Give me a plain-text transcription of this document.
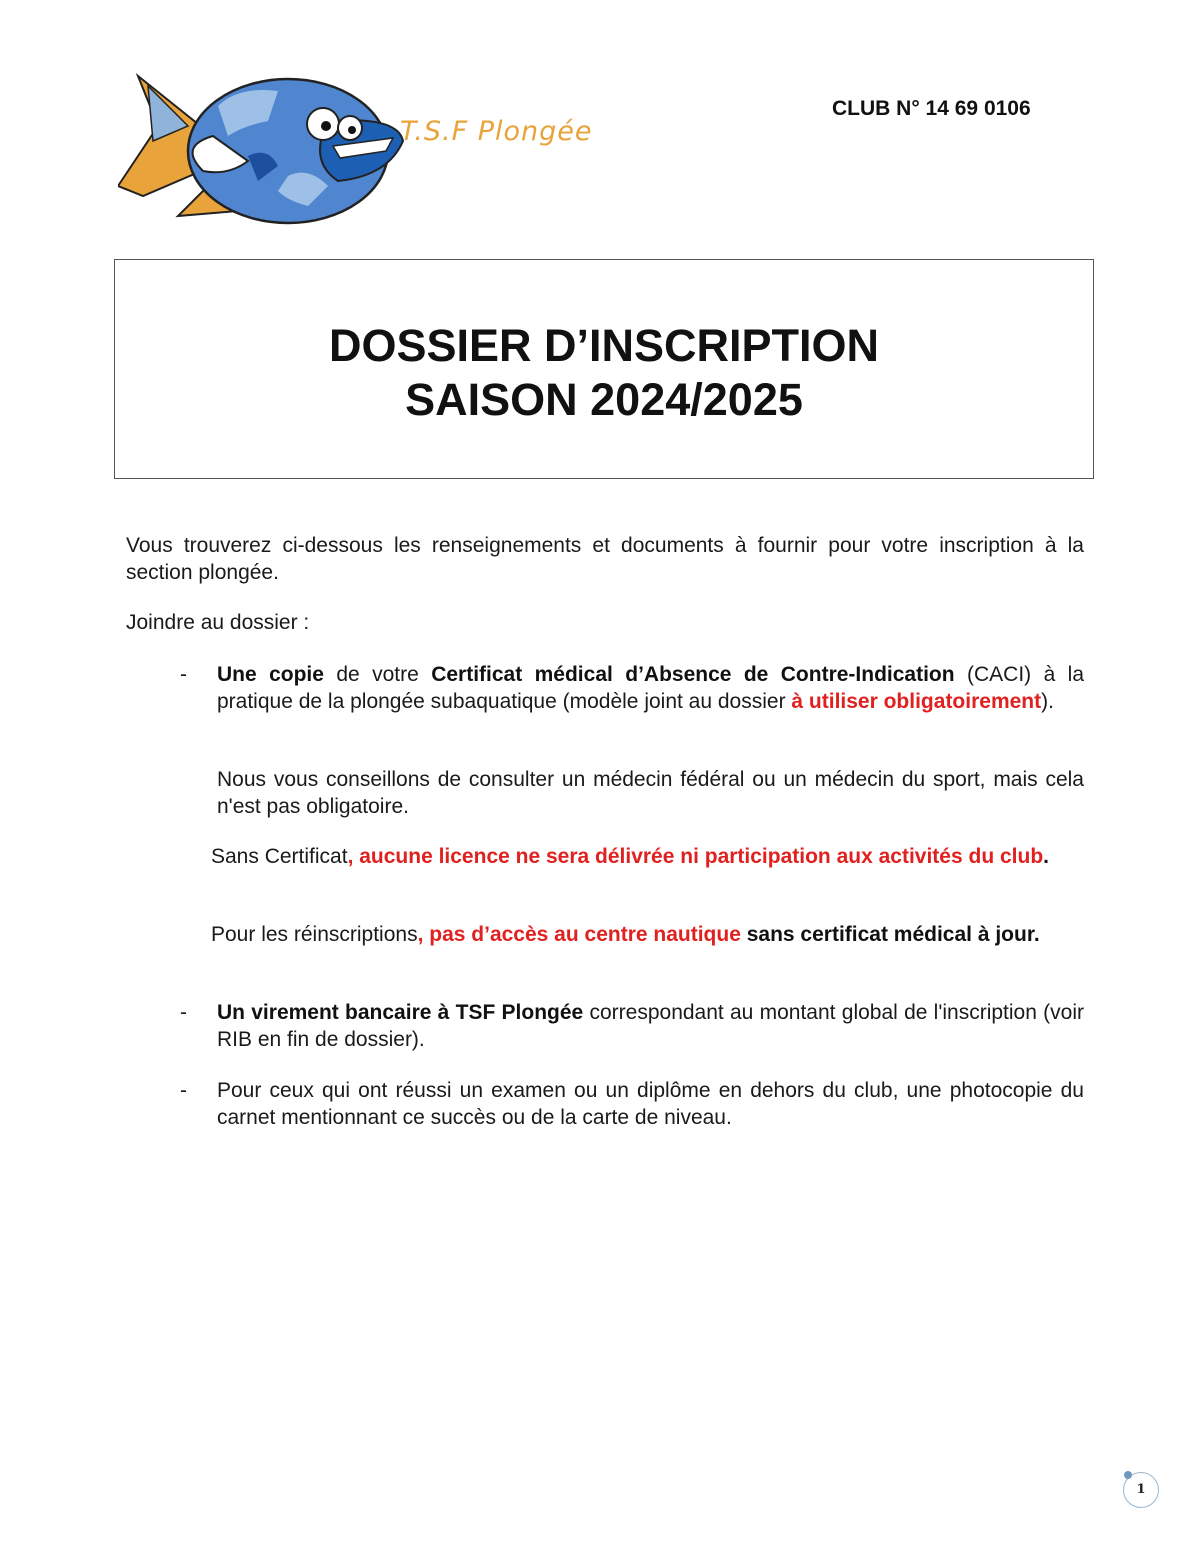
T.S.F Plongée
CLUB N° 14 69 0106
DOSSIER D’INSCRIPTION
SAISON 2024/2025
Vous trouverez ci-dessous les renseignements et documents à fournir pour votre inscription à la section plongée.
Joindre au dossier :
- Une copie de votre Certificat médical d’Absence de Contre-Indication (CACI) à la pratique de la plongée subaquatique (modèle joint au dossier à utiliser obligatoirement).
Nous vous conseillons de consulter un médecin fédéral ou un médecin du sport, mais cela n'est pas obligatoire.
Sans Certificat, aucune licence ne sera délivrée ni participation aux activités du club.
Pour les réinscriptions, pas d’accès au centre nautique sans certificat médical à jour.
- Un virement bancaire à TSF Plongée correspondant au montant global de l'inscription (voir RIB en fin de dossier).
- Pour ceux qui ont réussi un examen ou un diplôme en dehors du club, une photocopie du carnet mentionnant ce succès ou de la carte de niveau.
1
